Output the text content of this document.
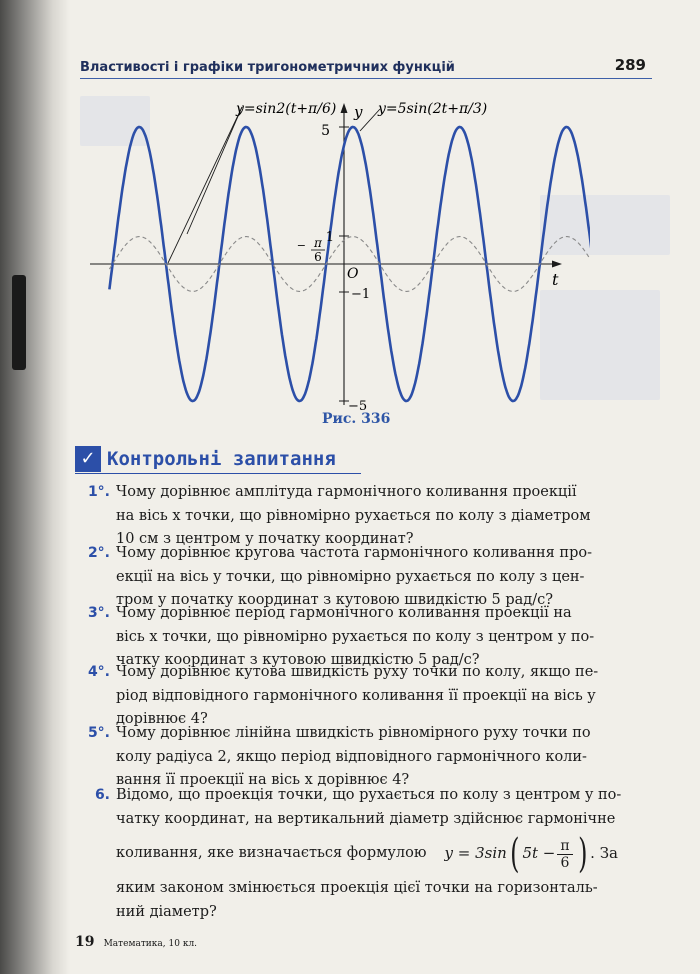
Властивості і графіки тригонометричних функцій	289
y
t
5
1
−1
−5
O
− π
6
y=sin2(t+π/6)	y=5sin(2t+π/3)
Рис. 336
✓ Контрольні запитання
1°. Чому дорівнює амплітуда гармонічного коливання проекції
на вісь x точки, що рівномірно рухається по колу з діаметром
10 см з центром у початку координат?
2°. Чому дорівнює кругова частота гармонічного коливання про-
екції на вісь y точки, що рівномірно рухається по колу з цен-
тром у початку координат з кутовою швидкістю 5 рад/с?
3°. Чому дорівнює період гармонічного коливання проекції на
вісь x точки, що рівномірно рухається по колу з центром у по-
чатку координат з кутовою швидкістю 5 рад/с?
4°. Чому дорівнює кутова швидкість руху точки по колу, якщо пе-
ріод відповідного гармонічного коливання її проекції на вісь y
дорівнює 4?
5°. Чому дорівнює лінійна швидкість рівномірного руху точки по
колу радіуса 2, якщо період відповідного гармонічного коли-
вання її проекції на вісь x дорівнює 4?
6. Відомо, що проекція точки, що рухається по колу з центром у по-
чатку координат, на вертикальний діаметр здійснює гармонічне
коливання, яке визначається формулою y = 3sin ( $5t - \frac{\pi}{6}$ ) . За
яким законом змінюється проекція цієї точки на горизонталь-
ний діаметр?
19 Математика, 10 кл.
